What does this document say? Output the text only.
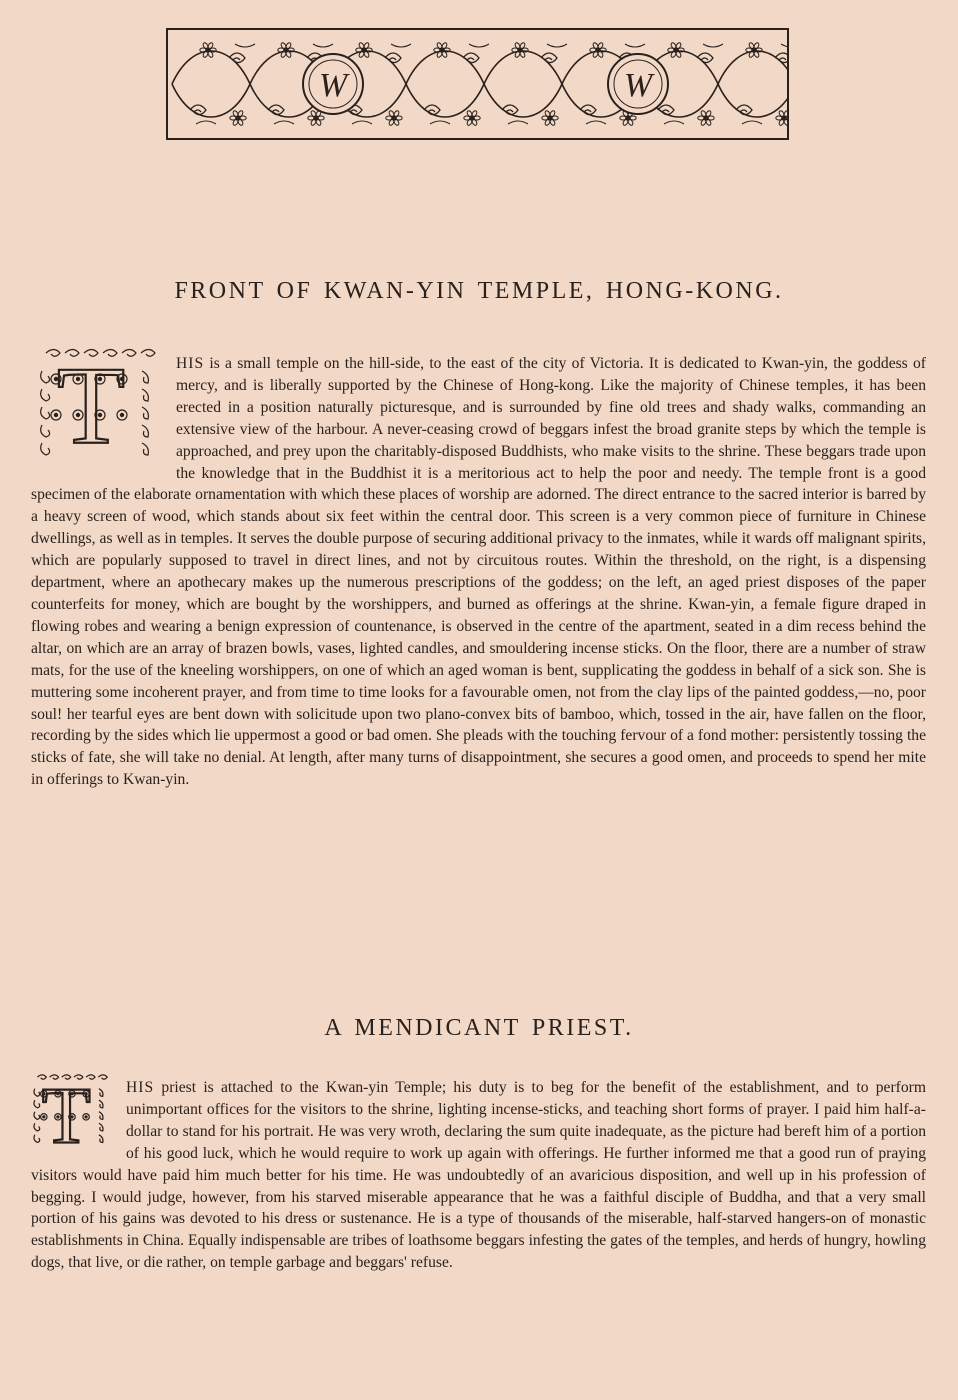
W	W
FRONT OF KWAN-YIN TEMPLE, HONG-KONG.

T	HIS is a small temple on the hill-side, to the east of the city of Victoria. It is dedicated to Kwan-yin, the goddess of mercy, and is liberally supported by the Chinese of Hong-kong. Like the majority of Chinese temples, it has been erected in a position naturally picturesque, and is surrounded by fine old trees and shady walks, commanding an extensive view of the harbour. A never-ceasing crowd of beggars infest the broad granite steps by which the temple is approached, and prey upon the charitably-disposed Buddhists, who make visits to the shrine. These beggars trade upon the knowledge that in the Buddhist it is a meritorious act to help the poor and needy. The temple front is a good specimen of the elaborate ornamentation with which these places of worship are adorned. The direct entrance to the sacred interior is barred by a heavy screen of wood, which stands about six feet within the central door. This screen is a very common piece of furniture in Chinese dwellings, as well as in temples. It serves the double purpose of securing additional privacy to the inmates, while it wards off malignant spirits, which are popularly supposed to travel in direct lines, and not by circuitous routes. Within the threshold, on the right, is a dispensing department, where an apothecary makes up the numerous prescriptions of the goddess; on the left, an aged priest disposes of the paper counterfeits for money, which are bought by the worshippers, and burned as offerings at the shrine. Kwan-yin, a female figure draped in flowing robes and wearing a benign expression of countenance, is observed in the centre of the apartment, seated in a dim recess behind the altar, on which are an array of brazen bowls, vases, lighted candles, and smouldering incense sticks. On the floor, there are a number of straw mats, for the use of the kneeling worshippers, on one of which an aged woman is bent, supplicating the goddess in behalf of a sick son. She is muttering some incoherent prayer, and from time to time looks for a favourable omen, not from the clay lips of the painted goddess,—no, poor soul! her tearful eyes are bent down with solicitude upon two plano-convex bits of bamboo, which, tossed in the air, have fallen on the floor, recording by the sides which lie uppermost a good or bad omen. She pleads with the touching fervour of a fond mother: persistently tossing the sticks of fate, she will take no denial. At length, after many turns of disappointment, she secures a good omen, and proceeds to spend her mite in offerings to Kwan-yin.

A MENDICANT PRIEST.

T HIS priest is attached to the Kwan-yin Temple; his duty is to beg for the benefit of the establishment, and to perform unimportant offices for the visitors to the shrine, lighting incense-sticks, and teaching short forms of prayer. I paid him half-a-dollar to stand for his portrait. He was very wroth, declaring the sum quite inadequate, as the picture had bereft him of a portion of his good luck, which he would require to work up again with offerings. He further informed me that a good run of praying visitors would have paid him much better for his time. He was undoubtedly of an avaricious disposition, and well up in his profession of begging. I would judge, however, from his starved miserable appearance that he was a faithful disciple of Buddha, and that a very small portion of his gains was devoted to his dress or sustenance. He is a type of thousands of the miserable, half-starved hangers-on of monastic establishments in China. Equally indispensable are tribes of loathsome beggars infesting the gates of the temples, and herds of hungry, howling dogs, that live, or die rather, on temple garbage and beggars' refuse.
